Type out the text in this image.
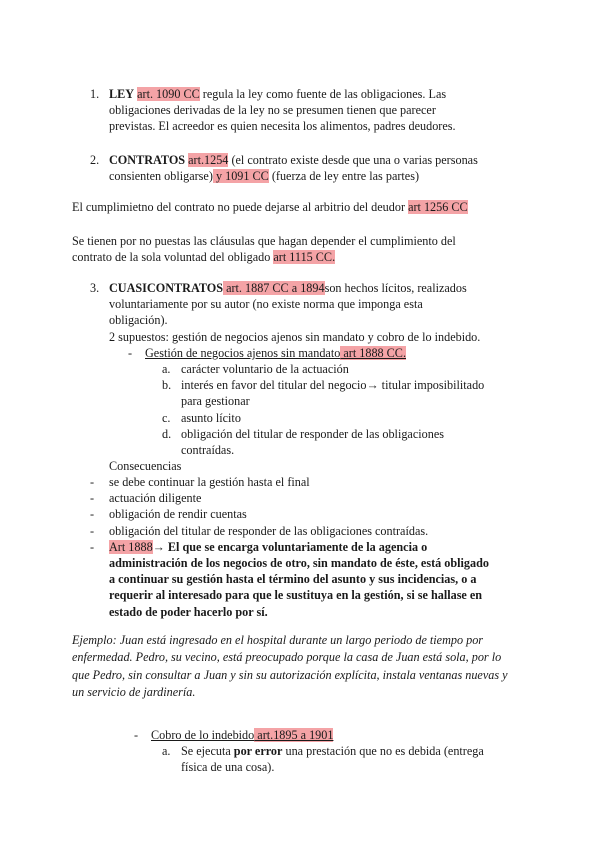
1. LEY art. 1090 CC regula la ley como fuente de las obligaciones. Las
obligaciones derivadas de la ley no se presumen tienen que parecer
previstas. El acreedor es quien necesita los alimentos, padres deudores.
2. CONTRATOS art.1254 (el contrato existe desde que una o varias personas
consienten obligarse) y 1091 CC (fuerza de ley entre las partes)
El cumplimietno del contrato no puede dejarse al arbitrio del deudor art 1256 CC
Se tienen por no puestas las cláusulas que hagan depender el cumplimiento del
contrato de la sola voluntad del obligado art 1115 CC.
3. CUASICONTRATOS art. 1887 CC a 1894son hechos lícitos, realizados
voluntariamente por su autor (no existe norma que imponga esta
obligación).
2 supuestos: gestión de negocios ajenos sin mandato y cobro de lo indebido.
- Gestión de negocios ajenos sin mandato art 1888 CC.
a. carácter voluntario de la actuación
b. interés en favor del titular del negocio→ titular imposibilitado
para gestionar
c. asunto lícito
d. obligación del titular de responder de las obligaciones
contraídas.
Consecuencias
- se debe continuar la gestión hasta el final
- actuación diligente
- obligación de rendir cuentas
- obligación del titular de responder de las obligaciones contraídas.
- Art 1888→ El que se encarga voluntariamente de la agencia o
administración de los negocios de otro, sin mandato de éste, está obligado
a continuar su gestión hasta el término del asunto y sus incidencias, o a
requerir al interesado para que le sustituya en la gestión, si se hallase en
estado de poder hacerlo por sí.
Ejemplo: Juan está ingresado en el hospital durante un largo periodo de tiempo por
enfermedad. Pedro, su vecino, está preocupado porque la casa de Juan está sola, por lo
que Pedro, sin consultar a Juan y sin su autorización explícita, instala ventanas nuevas y
un servicio de jardinería.
- Cobro de lo indebido art.1895 a 1901
a. Se ejecuta por error una prestación que no es debida (entrega
física de una cosa).
